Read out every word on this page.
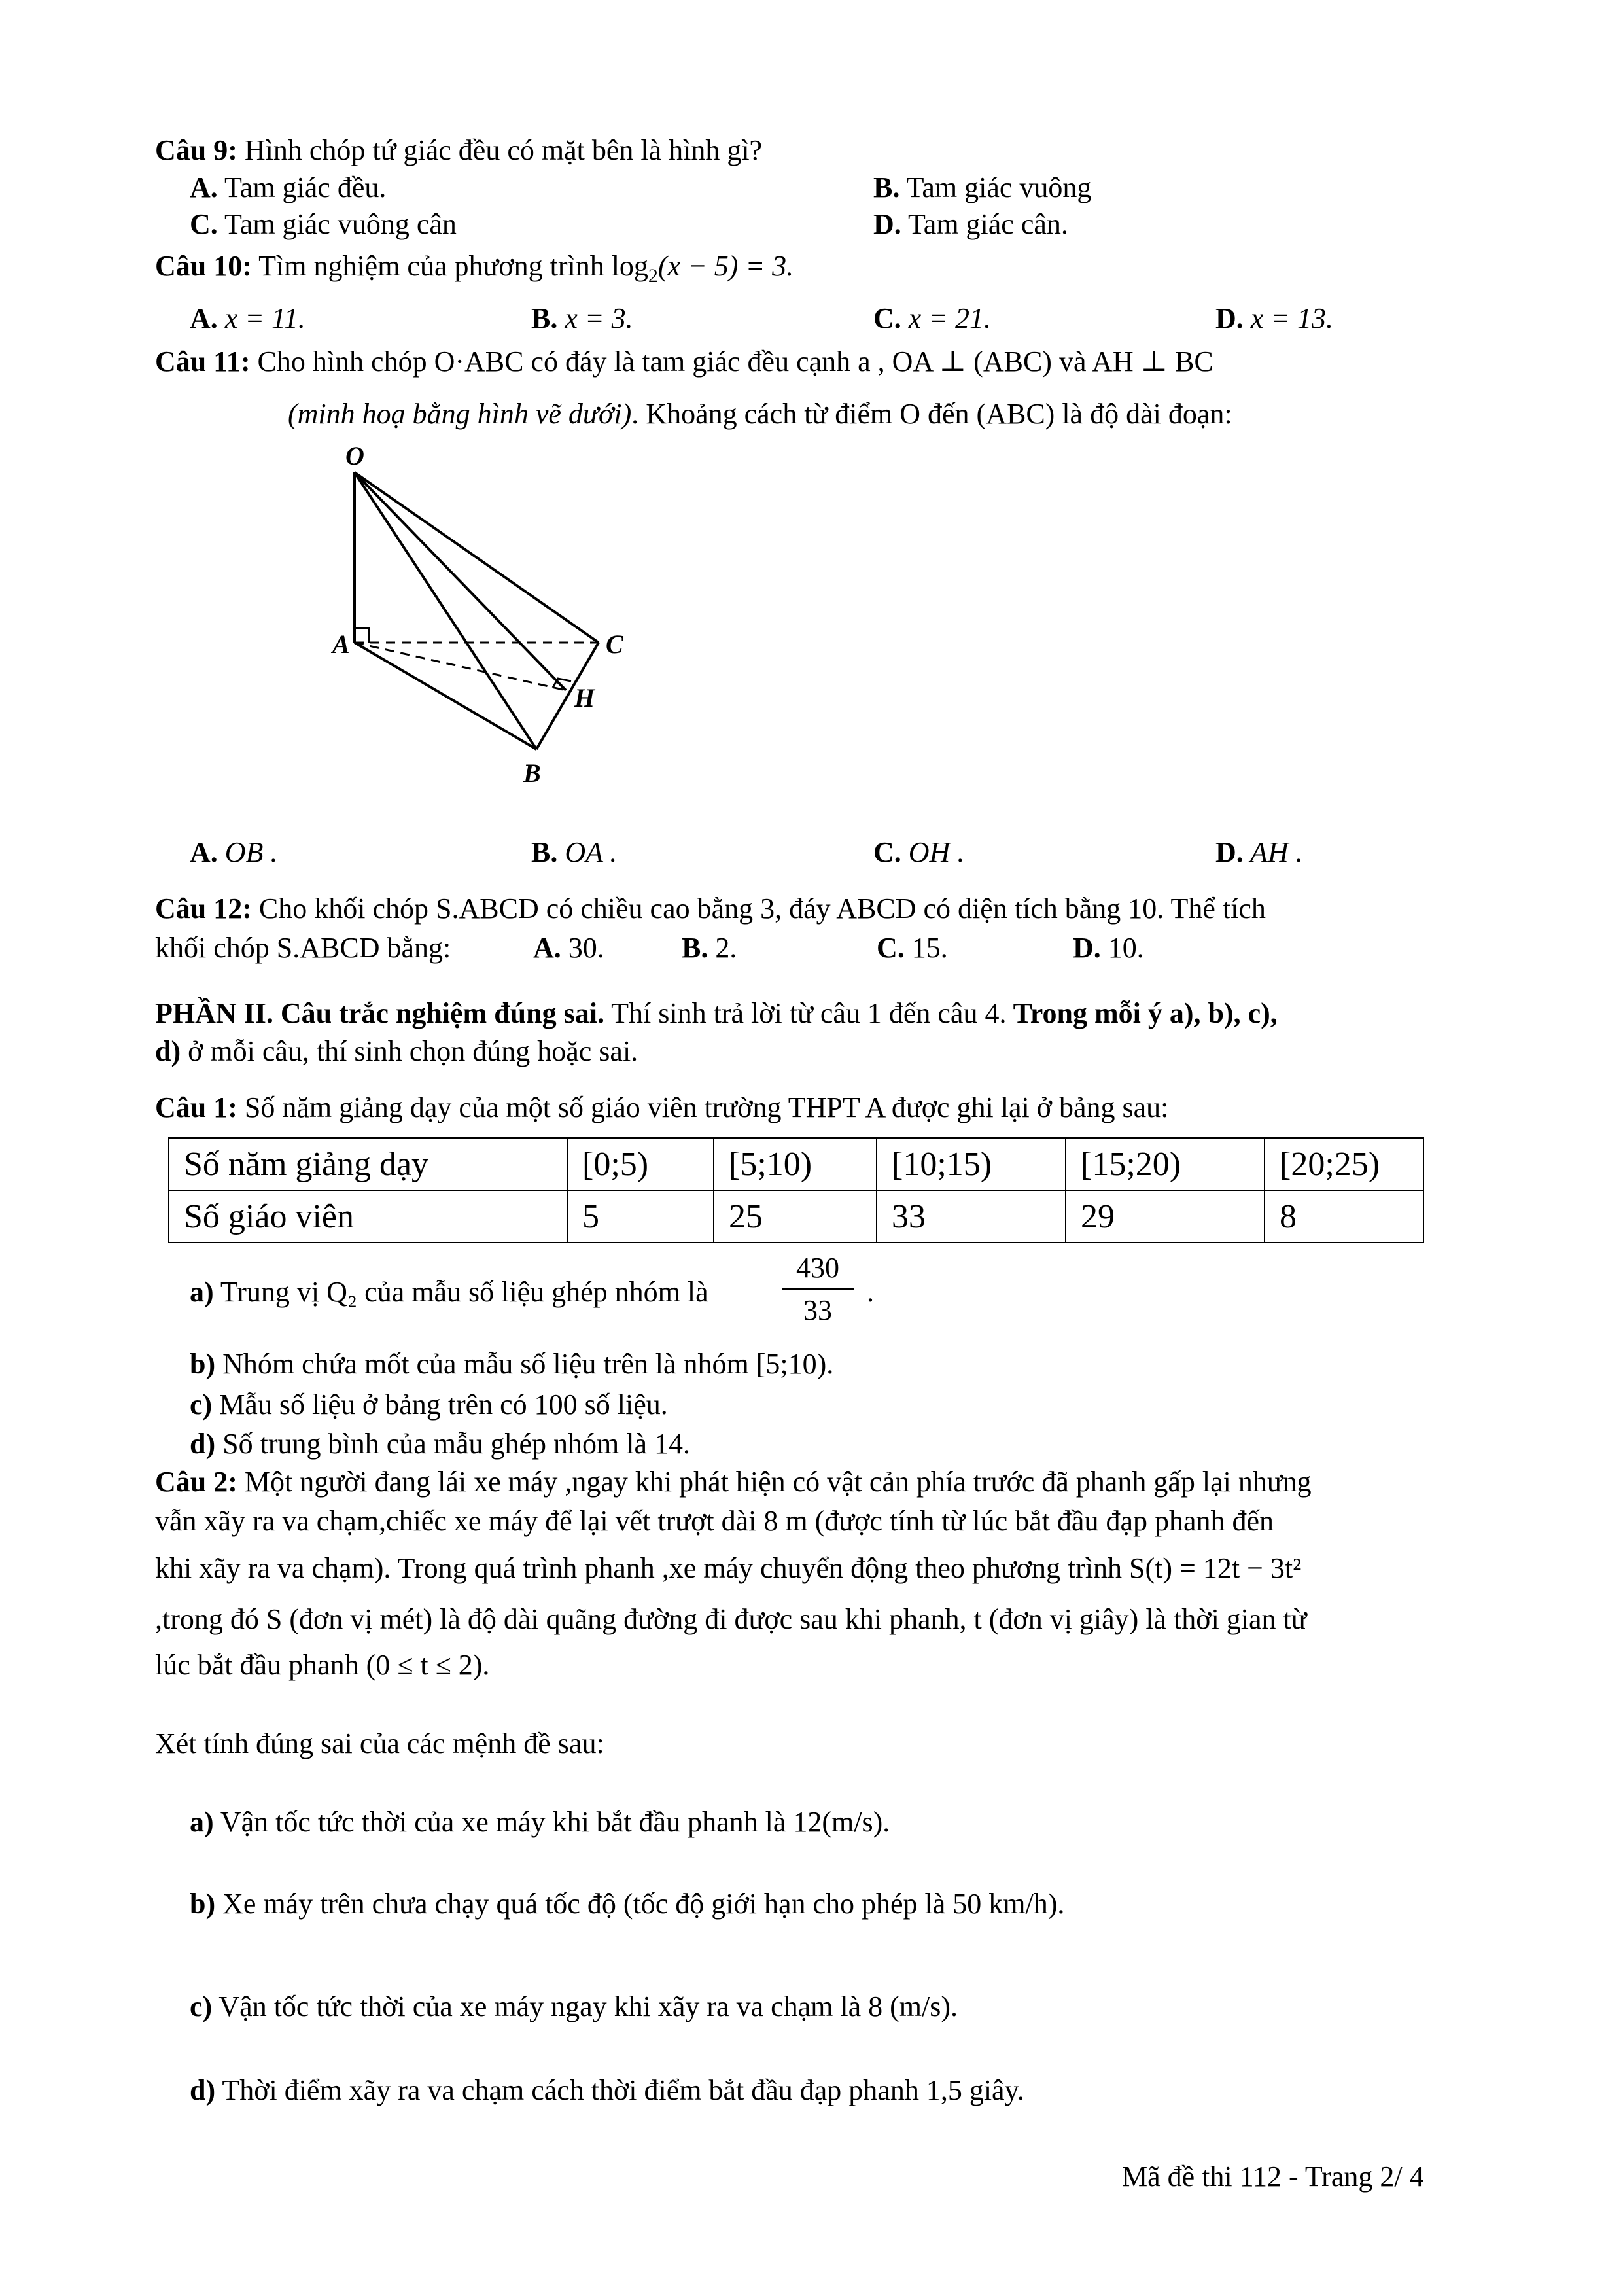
Câu 9: Hình chóp tứ giác đều có mặt bên là hình gì?
A. Tam giác đều.	B. Tam giác vuông
C. Tam giác vuông cân	D. Tam giác cân.
Câu 10: Tìm nghiệm của phương trình $\log_2(x - 5) = 3$.
A. x = 11.	B. x = 3.	C. x = 21.	D. x = 13.
Câu 11: Cho hình chóp O·ABC có đáy là tam giác đều cạnh a , OA ⊥ (ABC) và AH ⊥ BC
(minh hoạ bằng hình vẽ dưới). Khoảng cách từ điểm O đến (ABC) là độ dài đoạn:
O
A	C
H
B
A. OB .	B. OA .	C. OH .	D. AH .
Câu 12: Cho khối chóp S.ABCD có chiều cao bằng 3, đáy ABCD có diện tích bằng 10. Thể tích
khối chóp S.ABCD bằng:	A. 30.	B. 2.	C. 15.	D. 10.
PHẦN II. Câu trắc nghiệm đúng sai. Thí sinh trả lời từ câu 1 đến câu 4. Trong mỗi ý a), b), c),
d) ở mỗi câu, thí sinh chọn đúng hoặc sai.
Câu 1: Số năm giảng dạy của một số giáo viên trường THPT A được ghi lại ở bảng sau:
Số năm giảng dạy	[0;5)	[5;10)	[10;15)	[15;20)	[20;25)
Số giáo viên	5	25	33	29	8
a) Trung vị Q₂ của mẫu số liệu ghép nhóm là	$\frac{430}{33}$ .
b) Nhóm chứa mốt của mẫu số liệu trên là nhóm [5;10).
c) Mẫu số liệu ở bảng trên có 100 số liệu.
d) Số trung bình của mẫu ghép nhóm là 14.
Câu 2: Một người đang lái xe máy ,ngay khi phát hiện có vật cản phía trước đã phanh gấp lại nhưng
vẫn xãy ra va chạm,chiếc xe máy để lại vết trượt dài 8 m (được tính từ lúc bắt đầu đạp phanh đến
khi xãy ra va chạm). Trong quá trình phanh ,xe máy chuyển động theo phương trình S(t) = 12t − 3t²
,trong đó S (đơn vị mét) là độ dài quãng đường đi được sau khi phanh, t (đơn vị giây) là thời gian từ
lúc bắt đầu phanh (0 ≤ t ≤ 2).
Xét tính đúng sai của các mệnh đề sau:
a) Vận tốc tức thời của xe máy khi bắt đầu phanh là 12(m/s).
b) Xe máy trên chưa chạy quá tốc độ (tốc độ giới hạn cho phép là 50 km/h).
c) Vận tốc tức thời của xe máy ngay khi xãy ra va chạm là 8 (m/s).
d) Thời điểm xãy ra va chạm cách thời điểm bắt đầu đạp phanh 1,5 giây.
Mã đề thi 112 - Trang 2/ 4
